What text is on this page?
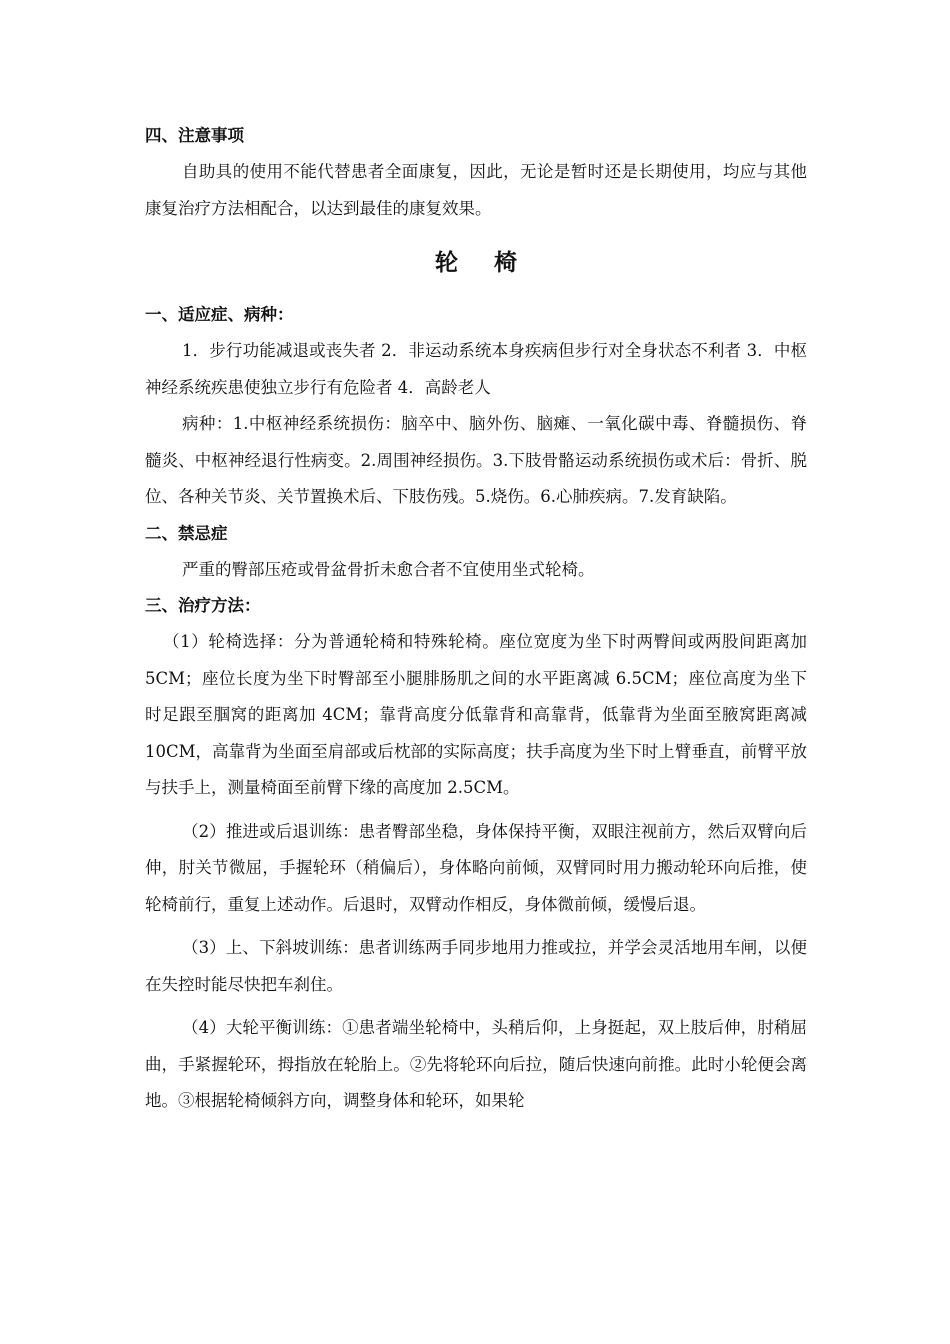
四、注意事项

自助具的使用不能代替患者全面康复，因此，无论是暂时还是长期使用，均应与其他康复治疗方法相配合，以达到最佳的康复效果。

轮 椅

一、适应症、病种：

1．步行功能减退或丧失者 2．非运动系统本身疾病但步行对全身状态不利者 3．中枢神经系统疾患使独立步行有危险者 4．高龄老人

病种：1.中枢神经系统损伤：脑卒中、脑外伤、脑瘫、一氧化碳中毒、脊髓损伤、脊髓炎、中枢神经退行性病变。2.周围神经损伤。3.下肢骨骼运动系统损伤或术后：骨折、脱位、各种关节炎、关节置换术后、下肢伤残。5.烧伤。6.心肺疾病。7.发育缺陷。

二、禁忌症

严重的臀部压疮或骨盆骨折未愈合者不宜使用坐式轮椅。

三、治疗方法：

（1）轮椅选择：分为普通轮椅和特殊轮椅。座位宽度为坐下时两臀间或两股间距离加 5CM；座位长度为坐下时臀部至小腿腓肠肌之间的水平距离减 6.5CM；座位高度为坐下时足跟至腘窝的距离加 4CM；靠背高度分低靠背和高靠背，低靠背为坐面至腋窝距离减 10CM，高靠背为坐面至肩部或后枕部的实际高度；扶手高度为坐下时上臂垂直，前臂平放与扶手上，测量椅面至前臂下缘的高度加 2.5CM。

（2）推进或后退训练：患者臀部坐稳，身体保持平衡，双眼注视前方，然后双臂向后伸，肘关节微屈，手握轮环（稍偏后），身体略向前倾，双臂同时用力搬动轮环向后推，使轮椅前行，重复上述动作。后退时，双臂动作相反，身体微前倾，缓慢后退。

（3）上、下斜坡训练：患者训练两手同步地用力推或拉，并学会灵活地用车闸，以便在失控时能尽快把车刹住。

（4）大轮平衡训练：①患者端坐轮椅中，头稍后仰，上身挺起，双上肢后伸，肘稍屈曲，手紧握轮环，拇指放在轮胎上。②先将轮环向后拉，随后快速向前推。此时小轮便会离地。③根据轮椅倾斜方向，调整身体和轮环，如果轮
